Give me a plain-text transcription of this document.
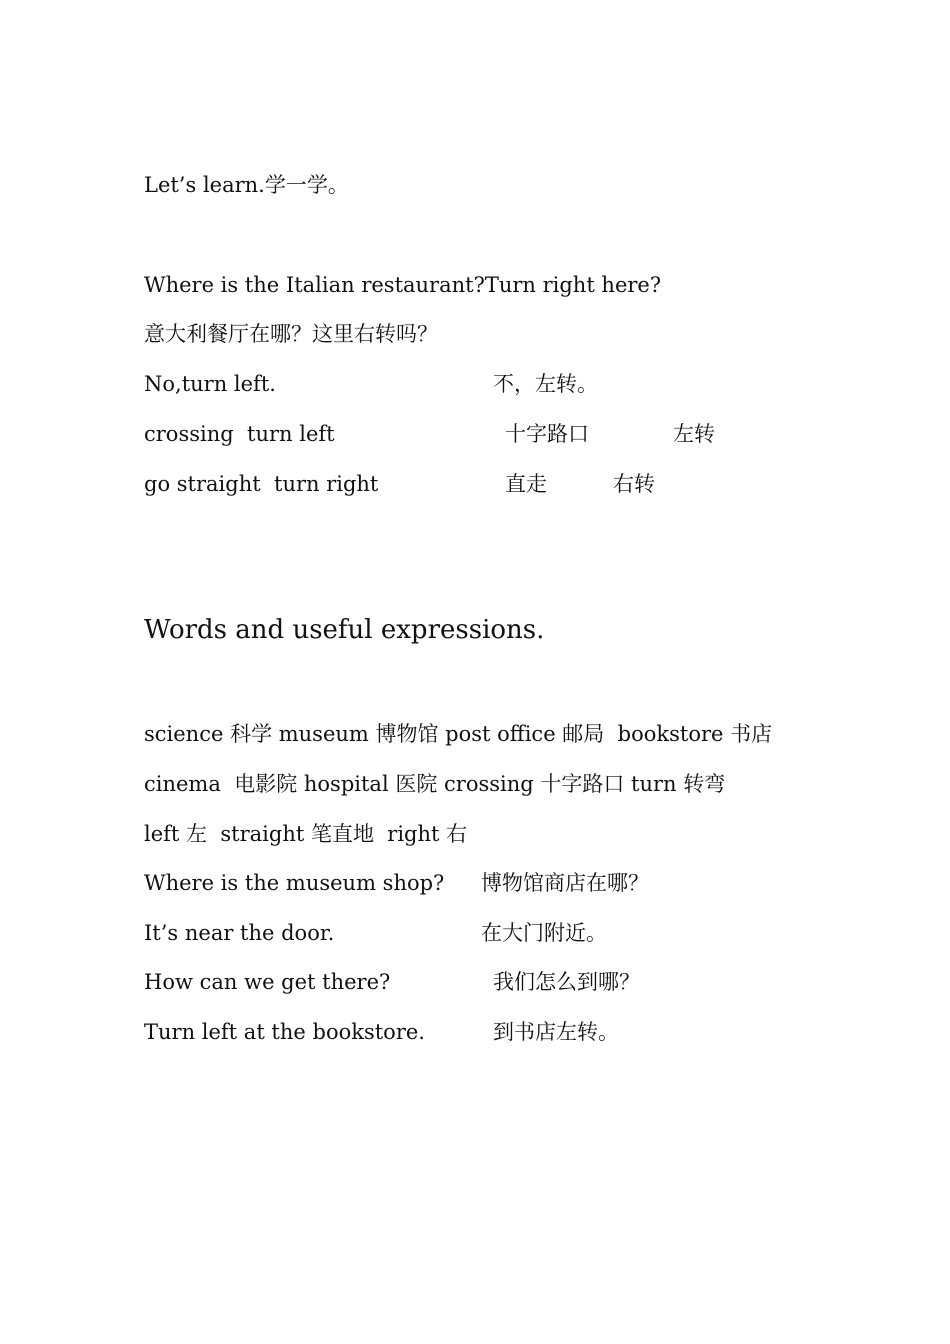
Let’s learn.学一学。
Where is the Italian restaurant?Turn right here?
意大利餐厅在哪？这里右转吗？
No,turn left.	不，左转。
crossing  turn left	十字路口	左转
go straight  turn right	直走	右转
Words and useful expressions.
science 科学 museum 博物馆 post office 邮局  bookstore 书店
cinema  电影院 hospital 医院 crossing 十字路口 turn 转弯
left 左  straight 笔直地  right 右
Where is the museum shop? 博物馆商店在哪？
It’s near the door.	在大门附近。
How can we get there?	我们怎么到哪？
Turn left at the bookstore.	到书店左转。
